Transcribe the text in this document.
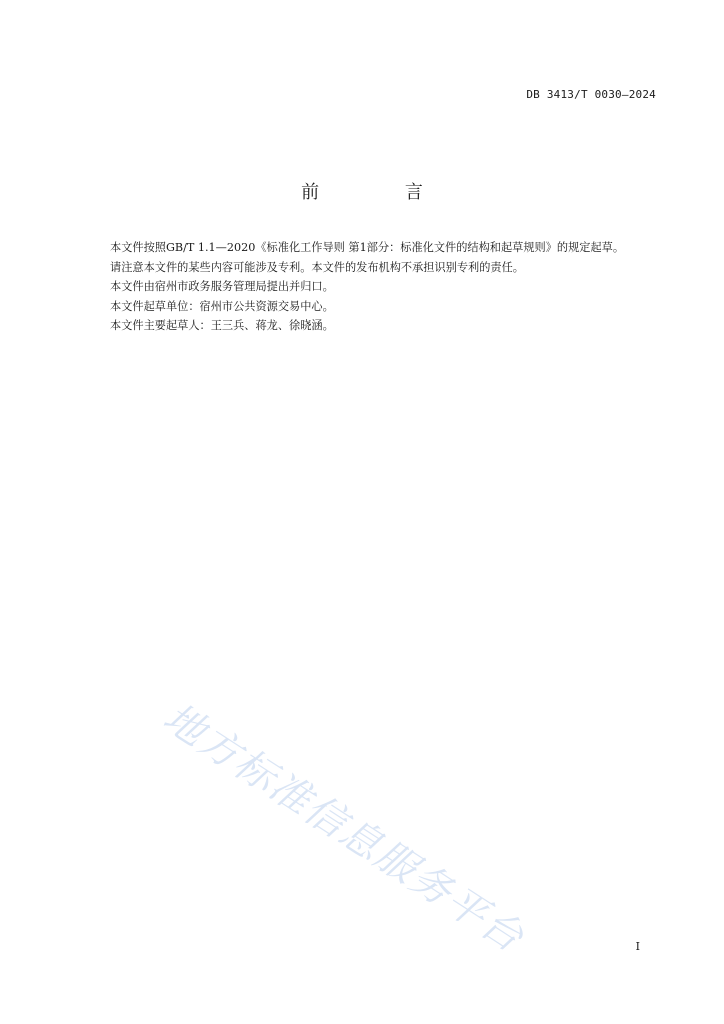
DB 3413/T 0030—2024
前 言

本文件按照GB/T 1.1—2020《标准化工作导则 第1部分：标准化文件的结构和起草规则》的规定起草。

请注意本文件的某些内容可能涉及专利。本文件的发布机构不承担识别专利的责任。

本文件由宿州市政务服务管理局提出并归口。

本文件起草单位：宿州市公共资源交易中心。

本文件主要起草人：王三兵、蒋龙、徐晓涵。

地方标准信息服务平台	I
